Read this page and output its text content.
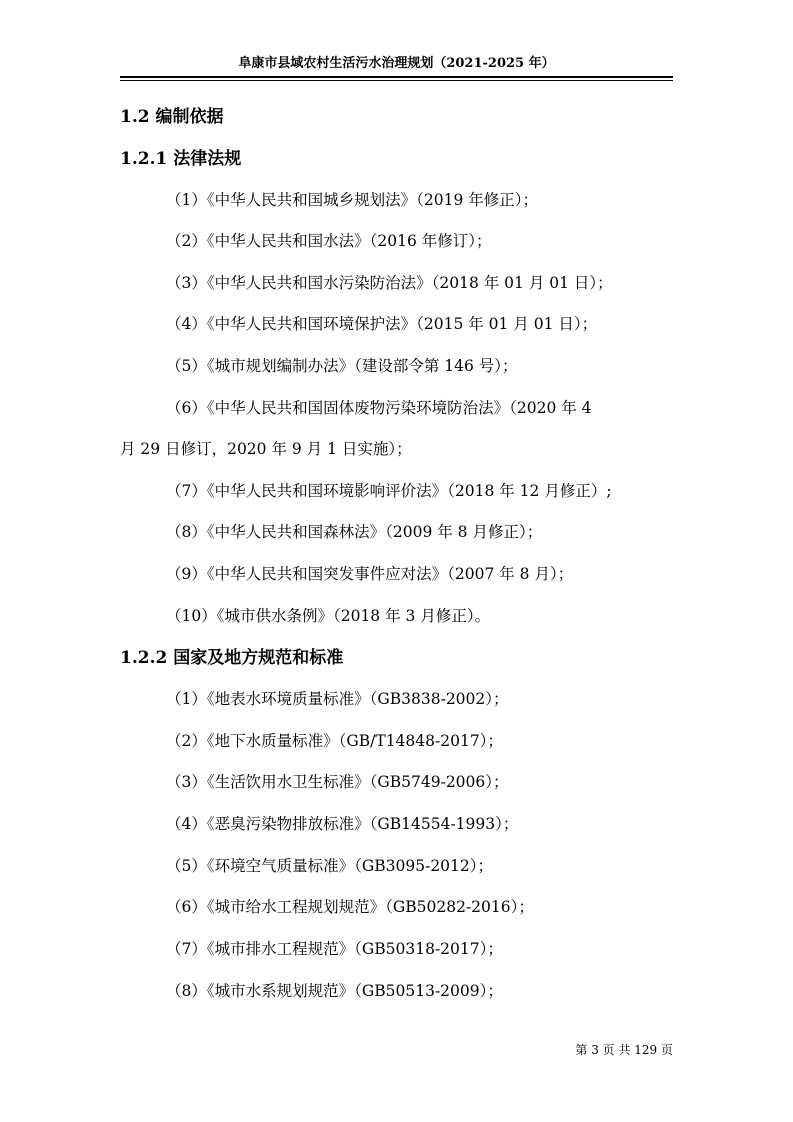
阜康市县域农村生活污水治理规划（2021-2025 年）
1.2 编制依据
1.2.1 法律法规
（1）《中华人民共和国城乡规划法》（2019 年修正）；
（2）《中华人民共和国水法》（2016 年修订）；
（3）《中华人民共和国水污染防治法》（2018 年 01 月 01 日）；
（4）《中华人民共和国环境保护法》（2015 年 01 月 01 日）；
（5）《城市规划编制办法》（建设部令第 146 号）；
（6）《中华人民共和国固体废物污染环境防治法》（2020 年 4
月 29 日修订，2020 年 9 月 1 日实施）；
（7）《中华人民共和国环境影响评价法》（2018 年 12 月修正）;
（8）《中华人民共和国森林法》（2009 年 8 月修正）；
（9）《中华人民共和国突发事件应对法》（2007 年 8 月）；
（10）《城市供水条例》（2018 年 3 月修正）。
1.2.2 国家及地方规范和标准
（1）《地表水环境质量标准》（GB3838-2002）；
（2）《地下水质量标准》（GB/T14848-2017）；
（3）《生活饮用水卫生标准》（GB5749-2006）；
（4）《恶臭污染物排放标准》（GB14554-1993）；
（5）《环境空气质量标准》（GB3095-2012）；
（6）《城市给水工程规划规范》（GB50282-2016）；
（7）《城市排水工程规范》（GB50318-2017）；
（8）《城市水系规划规范》（GB50513-2009）；
第 3 页 共 129 页
